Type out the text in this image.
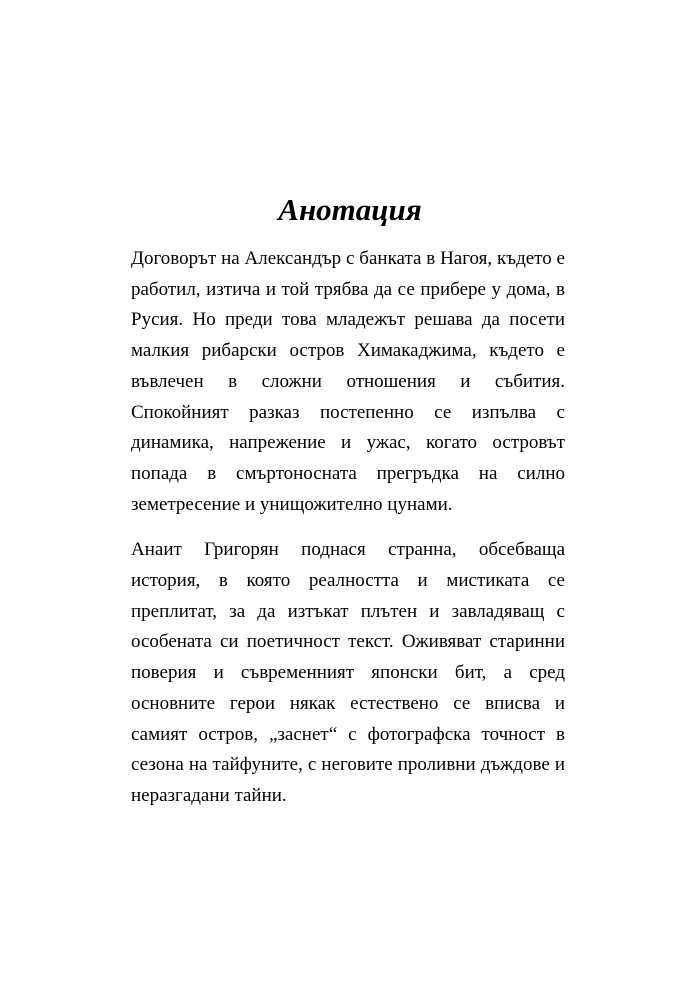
Анотация

Договорът на Александър с банката в Нагоя, където е работил, изтича и той трябва да се прибере у дома, в Русия. Но преди това младежът решава да посети малкия рибарски остров Химакаджима, където е въвлечен в сложни отношения и събития. Спокойният разказ постепенно се изпълва с динамика, напрежение и ужас, когато островът попада в смъртоносната прегръдка на силно земетресение и унищожително цунами.

Анаит Григорян поднася странна, обсебваща история, в която реалността и мистиката се преплитат, за да изтъкат плътен и завладяващ с особената си поетичност текст. Оживяват старинни поверия и съвременният японски бит, а сред основните герои някак естествено се вписва и самият остров, „заснет“ с фотографска точност в сезона на тайфуните, с неговите проливни дъждове и неразгадани тайни.
